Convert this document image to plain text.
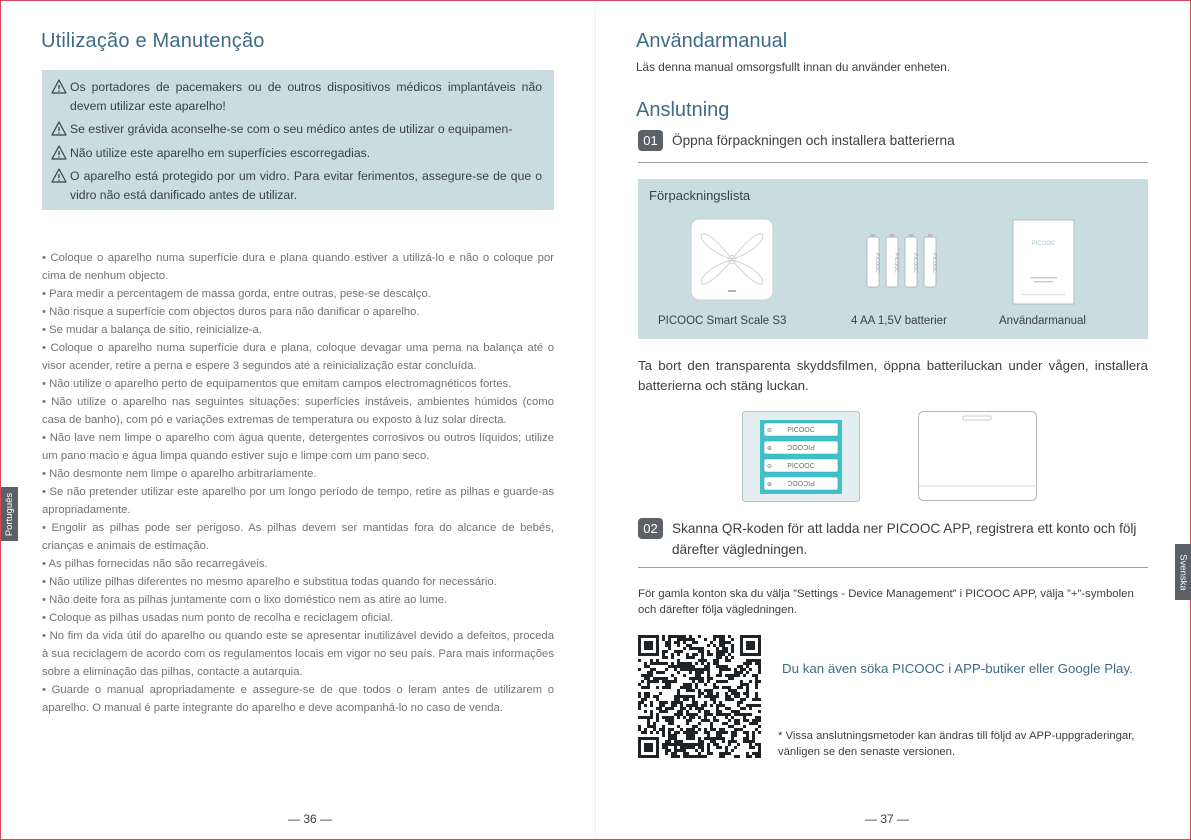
Utilização e Manutenção
Os portadores de pacemakers ou de outros dispositivos médicos implantáveis não devem utilizar este aparelho!
Se estiver grávida aconselhe-se com o seu médico antes de utilizar o equipamen-
Não utilize este aparelho em superfícies escorregadias.
O aparelho está protegido por um vidro. Para evitar ferimentos, assegure-se de que o vidro não está danificado antes de utilizar.

• Coloque o aparelho numa superfície dura e plana quando estiver a utilizá-lo e não o coloque por cima de nenhum objecto.

• Para medir a percentagem de massa gorda, entre outras, pese-se descalço.

• Não risque a superfície com objectos duros para não danificar o aparelho.

• Se mudar a balança de sítio, reinicialize-a.

• Coloque o aparelho numa superfície dura e plana, coloque devagar uma perna na balança até o visor acender, retire a perna e espere 3 segundos até a reinicialização estar concluída.

• Não utilize o aparelho perto de equipamentos que emitam campos electromagnéticos fortes.

• Não utilize o aparelho nas seguintes situações: superfícies instáveis, ambientes húmidos (como casa de banho), com pó e variações extremas de temperatura ou exposto à luz solar directa.

• Não lave nem limpe o aparelho com água quente, detergentes corrosivos ou outros líquidos; utilize um pano macio e água limpa quando estiver sujo e limpe com um pano seco.

• Não desmonte nem limpe o aparelho arbitrariamente.

• Se não pretender utilizar este aparelho por um longo período de tempo, retire as pilhas e guarde-as apropriadamente.

• Engolir as pilhas pode ser perigoso. As pilhas devem ser mantidas fora do alcance de bebés, crianças e animais de estimação.

• As pilhas fornecidas não são recarregáveis.

• Não utilize pilhas diferentes no mesmo aparelho e substitua todas quando for necessário.

• Não deite fora as pilhas juntamente com o lixo doméstico nem as atire ao lume.

• Coloque as pilhas usadas num ponto de recolha e reciclagem oficial.

• No fim da vida útil do aparelho ou quando este se apresentar inutilizável devido a defeitos, proceda à sua reciclagem de acordo com os regulamentos locais em vigor no seu país. Para mais informações sobre a eliminação das pilhas, contacte a autarquia.

• Guarde o manual apropriadamente e assegure-se de que todos o leram antes de utilizarem o aparelho. O manual é parte integrante do aparelho e deve acompanhá-lo no caso de venda.

Português
— 36 —
Användarmanual
Läs denna manual omsorgsfullt innan du använder enheten.
Anslutning
01	Öppna förpackningen och installera batterierna
Förpackningslista
PICOOC	PICOOC	PICOOC	PICOOC
PICOOC
PICOOC Smart Scale S3	4 AA 1,5V batterier	Användarmanual
Ta bort den transparenta skyddsfilmen, öppna batteriluckan under vågen, installera batterierna och stäng luckan.
PICOOC
PICOOC
PICOOC
PICOOC
⊖
⊕
⊖
⊕
02	Skanna QR-koden för att ladda ner PICOOC APP, registrera ett konto och följ därefter vägledningen.
För gamla konton ska du välja ”Settings - Device Management” i PICOOC APP, välja ”+”-symbolen och därefter följa vägledningen.
Du kan även söka PICOOC i APP-butiker eller Google Play.
* Vissa anslutningsmetoder kan ändras till följd av APP-uppgraderingar, vänligen se den senaste versionen.
Svenska
— 37 —
